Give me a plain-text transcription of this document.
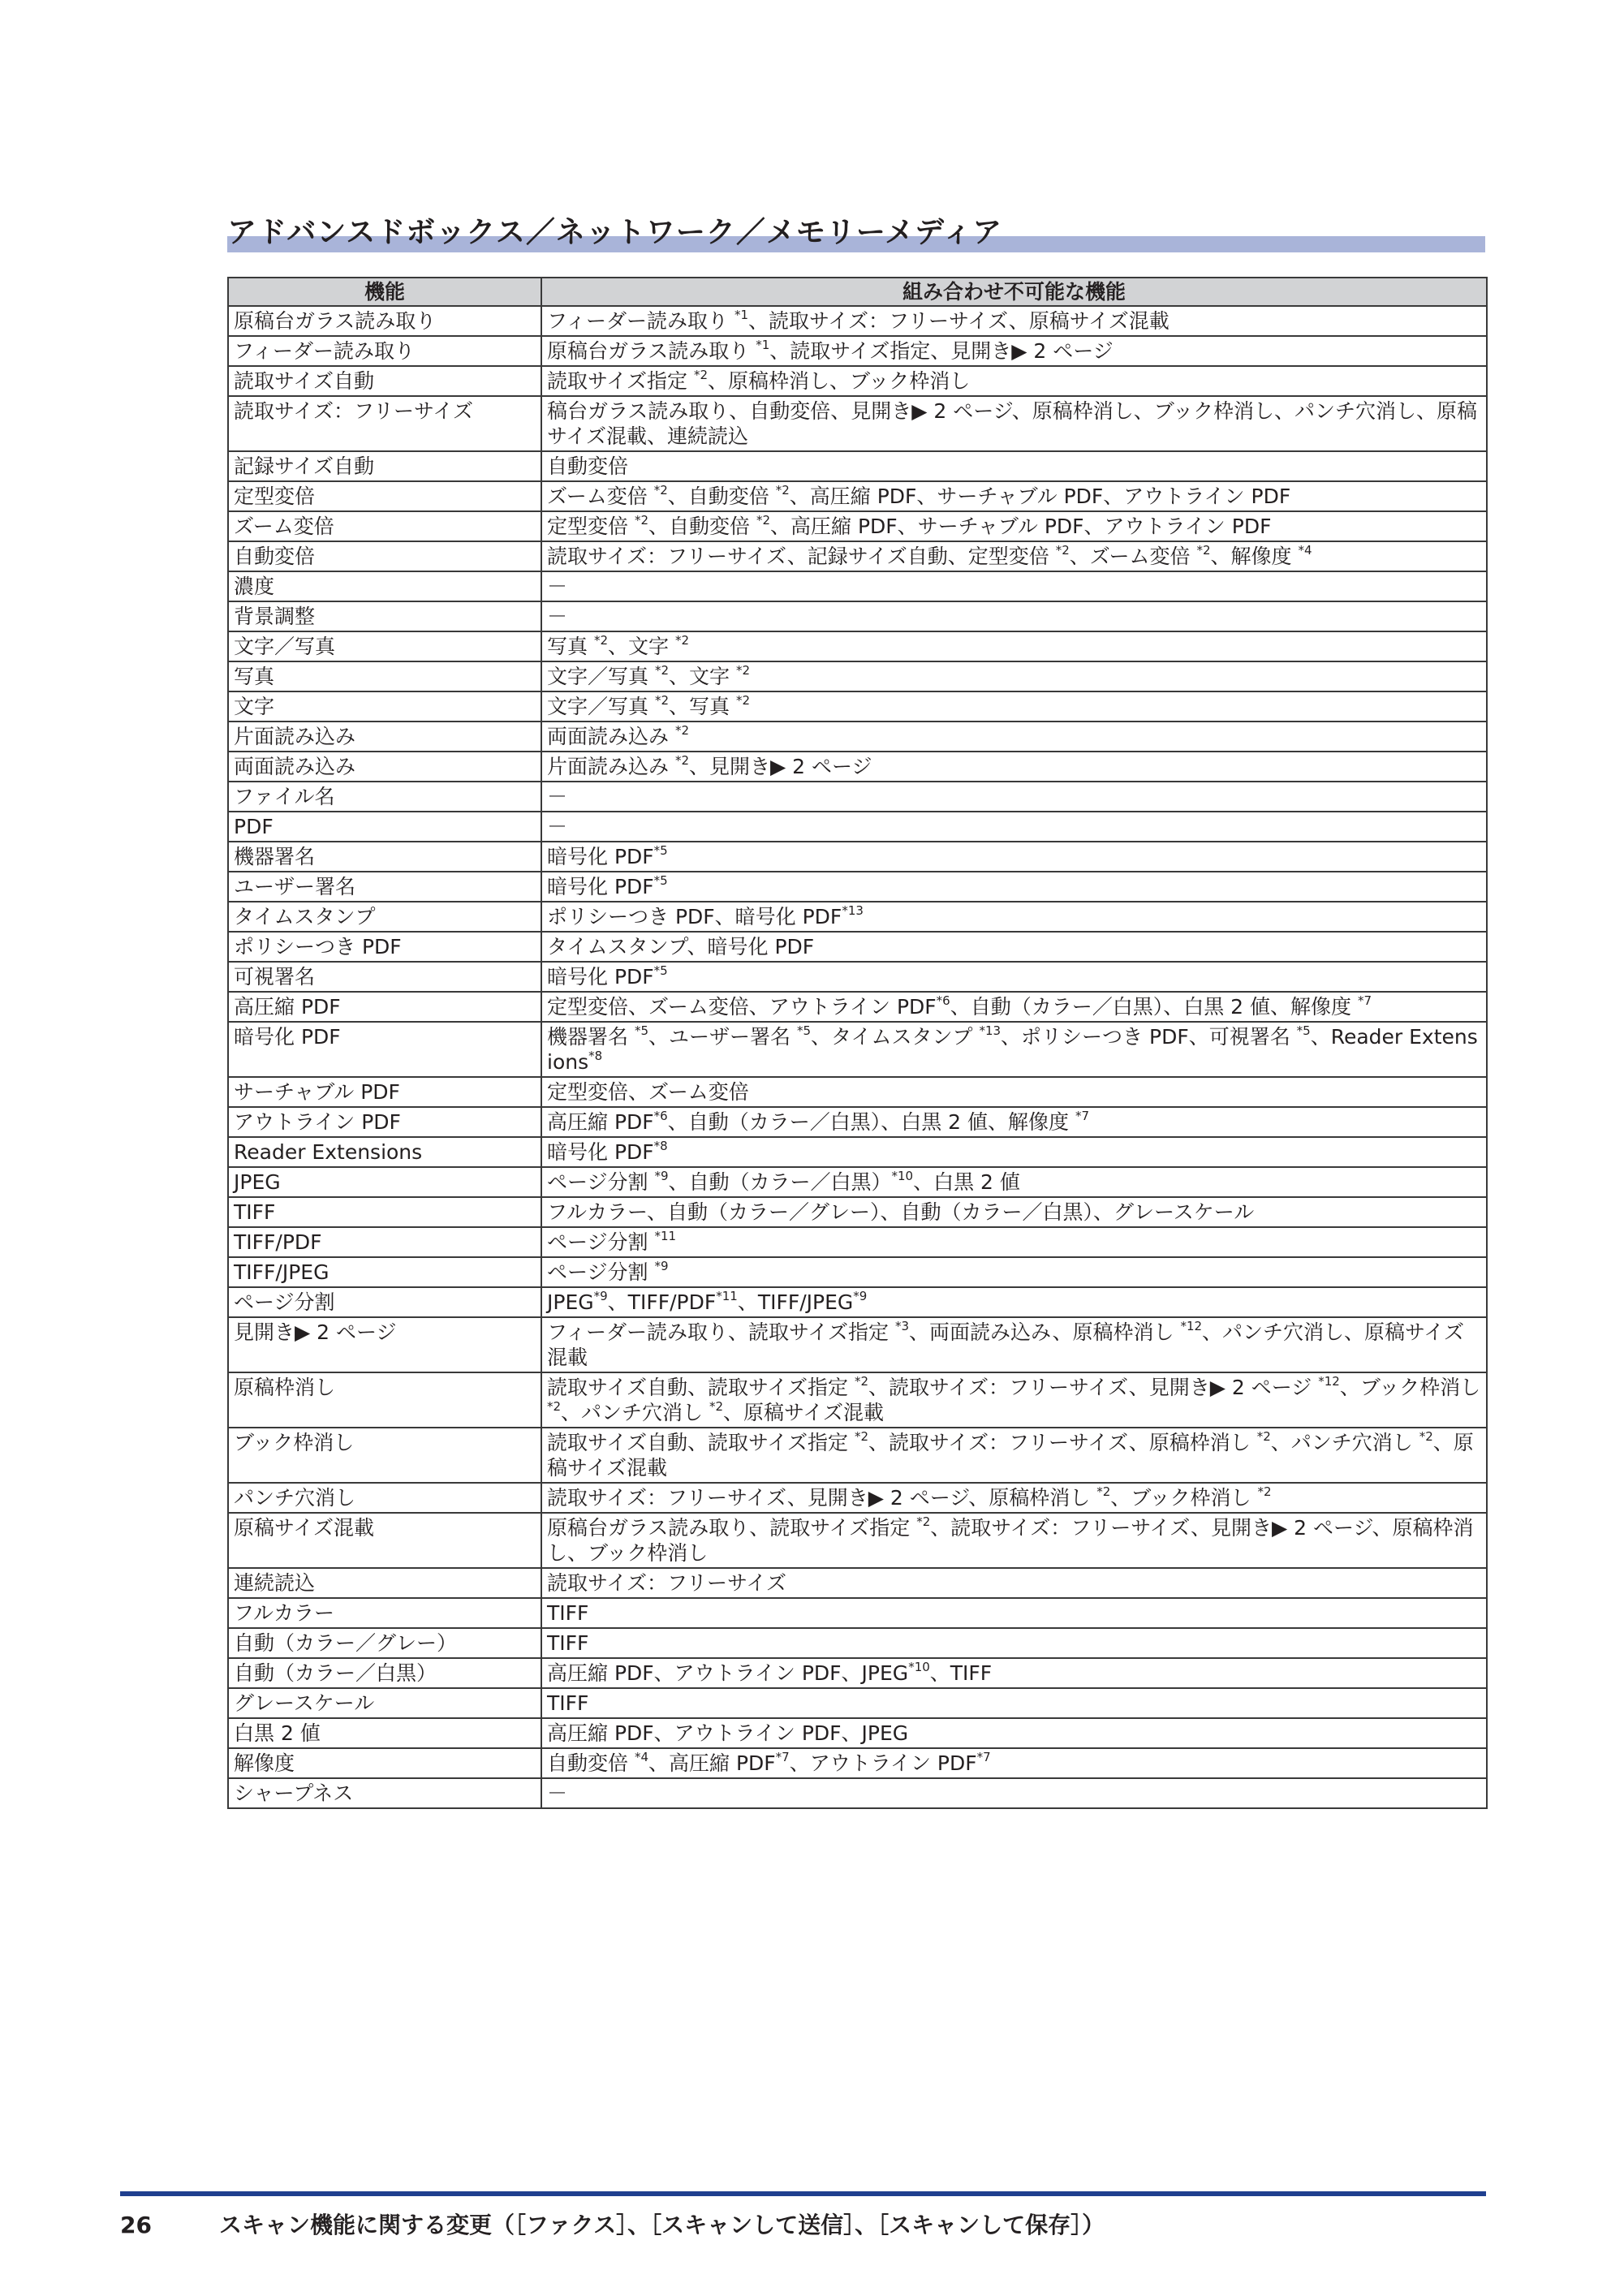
アドバンスドボックス／ネットワーク／メモリーメディア
機能	組み合わせ不可能な機能
原稿台ガラス読み取り	フィーダー読み取り $^{*1}$、読取サイズ：フリーサイズ、原稿サイズ混載
フィーダー読み取り	原稿台ガラス読み取り $^{*1}$、読取サイズ指定、見開き▶ 2 ページ
読取サイズ自動	読取サイズ指定 $^{*2}$、原稿枠消し、ブック枠消し
読取サイズ：フリーサイズ	稿台ガラス読み取り、自動変倍、見開き▶ 2 ページ、原稿枠消し、ブック枠消し、パンチ穴消し、原稿サイズ混載、連続読込
記録サイズ自動	自動変倍
定型変倍	ズーム変倍 $^{*2}$、自動変倍 $^{*2}$、高圧縮 PDF、サーチャブル PDF、アウトライン PDF
ズーム変倍	定型変倍 $^{*2}$、自動変倍 $^{*2}$、高圧縮 PDF、サーチャブル PDF、アウトライン PDF
自動変倍	読取サイズ：フリーサイズ、記録サイズ自動、定型変倍 $^{*2}$、ズーム変倍 $^{*2}$、解像度 $^{*4}$
濃度	－
背景調整	－
文字／写真	写真 $^{*2}$、文字 $^{*2}$
写真	文字／写真 $^{*2}$、文字 $^{*2}$
文字	文字／写真 $^{*2}$、写真 $^{*2}$
片面読み込み	両面読み込み $^{*2}$
両面読み込み	片面読み込み $^{*2}$、見開き▶ 2 ページ
ファイル名	－
PDF	－
機器署名	暗号化 PDF$^{*5}$
ユーザー署名	暗号化 PDF$^{*5}$
タイムスタンプ	ポリシーつき PDF、暗号化 PDF$^{*13}$
ポリシーつき PDF	タイムスタンプ、暗号化 PDF
可視署名	暗号化 PDF$^{*5}$
高圧縮 PDF	定型変倍、ズーム変倍、アウトライン PDF$^{*6}$、自動（カラー／白黒）、白黒 2 値、解像度 $^{*7}$
暗号化 PDF	機器署名 $^{*5}$、ユーザー署名 $^{*5}$、タイムスタンプ $^{*13}$、ポリシーつき PDF、可視署名 $^{*5}$、Reader Extensions$^{*8}$
サーチャブル PDF	定型変倍、ズーム変倍
アウトライン PDF	高圧縮 PDF$^{*6}$、自動（カラー／白黒）、白黒 2 値、解像度 $^{*7}$
Reader Extensions	暗号化 PDF$^{*8}$
JPEG	ページ分割 $^{*9}$、自動（カラー／白黒）$^{*10}$、白黒 2 値
TIFF	フルカラー、自動（カラー／グレー）、自動（カラー／白黒）、グレースケール
TIFF/PDF	ページ分割 $^{*11}$
TIFF/JPEG	ページ分割 $^{*9}$
ページ分割	JPEG$^{*9}$、TIFF/PDF$^{*11}$、TIFF/JPEG$^{*9}$
見開き▶ 2 ページ	フィーダー読み取り、読取サイズ指定 $^{*3}$、両面読み込み、原稿枠消し $^{*12}$、パンチ穴消し、原稿サイズ混載
原稿枠消し	読取サイズ自動、読取サイズ指定 $^{*2}$、読取サイズ：フリーサイズ、見開き▶ 2 ページ $^{*12}$、ブック枠消し $^{*2}$、パンチ穴消し $^{*2}$、原稿サイズ混載
ブック枠消し	読取サイズ自動、読取サイズ指定 $^{*2}$、読取サイズ：フリーサイズ、原稿枠消し $^{*2}$、パンチ穴消し $^{*2}$、原稿サイズ混載
パンチ穴消し	読取サイズ：フリーサイズ、見開き▶ 2 ページ、原稿枠消し $^{*2}$、ブック枠消し $^{*2}$
原稿サイズ混載	原稿台ガラス読み取り、読取サイズ指定 $^{*2}$、読取サイズ：フリーサイズ、見開き▶ 2 ページ、原稿枠消し、ブック枠消し
連続読込	読取サイズ：フリーサイズ
フルカラー	TIFF
自動（カラー／グレー）	TIFF
自動（カラー／白黒）	高圧縮 PDF、アウトライン PDF、JPEG$^{*10}$、TIFF
グレースケール	TIFF
白黒 2 値	高圧縮 PDF、アウトライン PDF、JPEG
解像度	自動変倍 $^{*4}$、高圧縮 PDF$^{*7}$、アウトライン PDF$^{*7}$
シャープネス	－
26	スキャン機能に関する変更（［ファクス］、［スキャンして送信］、［スキャンして保存］）
